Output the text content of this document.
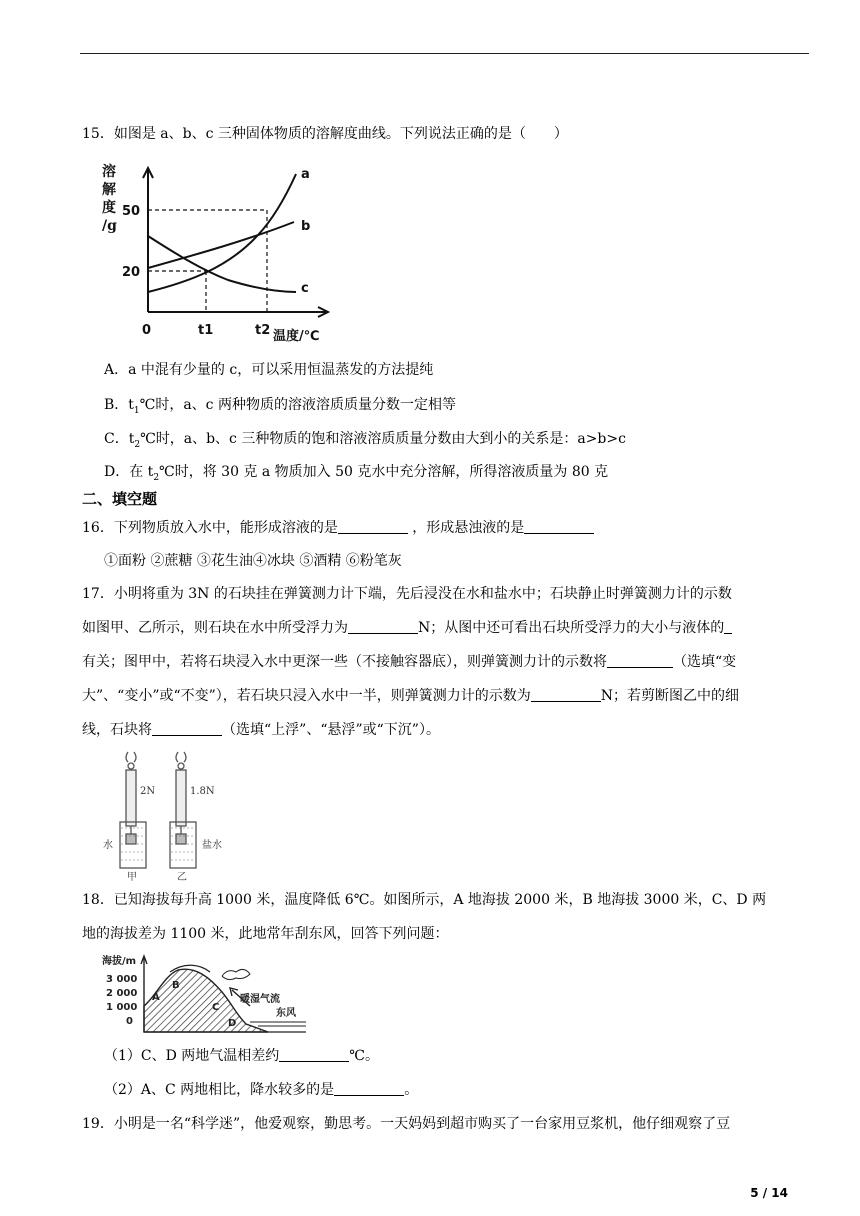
15．如图是 a、b、c 三种固体物质的溶解度曲线。下列说法正确的是（　　）
溶
解
度
/g
a
b
c
50
20
0	t1	t2 温度/℃
A．a 中混有少量的 c，可以采用恒温蒸发的方法提纯
B．$t_1℃$时，a、c 两种物质的溶液溶质质量分数一定相等
C．$t_2℃$时，a、b、c 三种物质的饱和溶液溶质质量分数由大到小的关系是：a>b>c
D．在 $t_2℃$时，将 30 克 a 物质加入 50 克水中充分溶解，所得溶液质量为 80 克
二、填空题
16．下列物质放入水中，能形成溶液的是	，形成悬浊液的是
①面粉 ②蔗糖 ③花生油④冰块 ⑤酒精 ⑥粉笔灰
17．小明将重为 3N 的石块挂在弹簧测力计下端，先后浸没在水和盐水中；石块静止时弹簧测力计的示数
如图甲、乙所示，则石块在水中所受浮力为	N；从图中还可看出石块所受浮力的大小与液体的
有关；图甲中，若将石块浸入水中更深一些（不接触容器底），则弹簧测力计的示数将	（选填“变
大”、“变小”或“不变”），若石块只浸入水中一半，则弹簧测力计的示数为	N；若剪断图乙中的细
线，石块将	（选填“上浮”、“悬浮”或“下沉”）。
2N	1.8N
水	盐水
甲	乙
18．已知海拔每升高 1000 米，温度降低 6℃。如图所示，A 地海拔 2000 米，B 地海拔 3000 米，C、D 两
地的海拔差为 1100 米，此地常年刮东风，回答下列问题：
海拔/m
3 000
2 000
1 000
0
A
B
C
D
暖湿气流
东风
（1）C、D 两地气温相差约	℃。
（2）A、C 两地相比，降水较多的是	。
19．小明是一名“科学迷”，他爱观察，勤思考。一天妈妈到超市购买了一台家用豆浆机，他仔细观察了豆
5 / 14
